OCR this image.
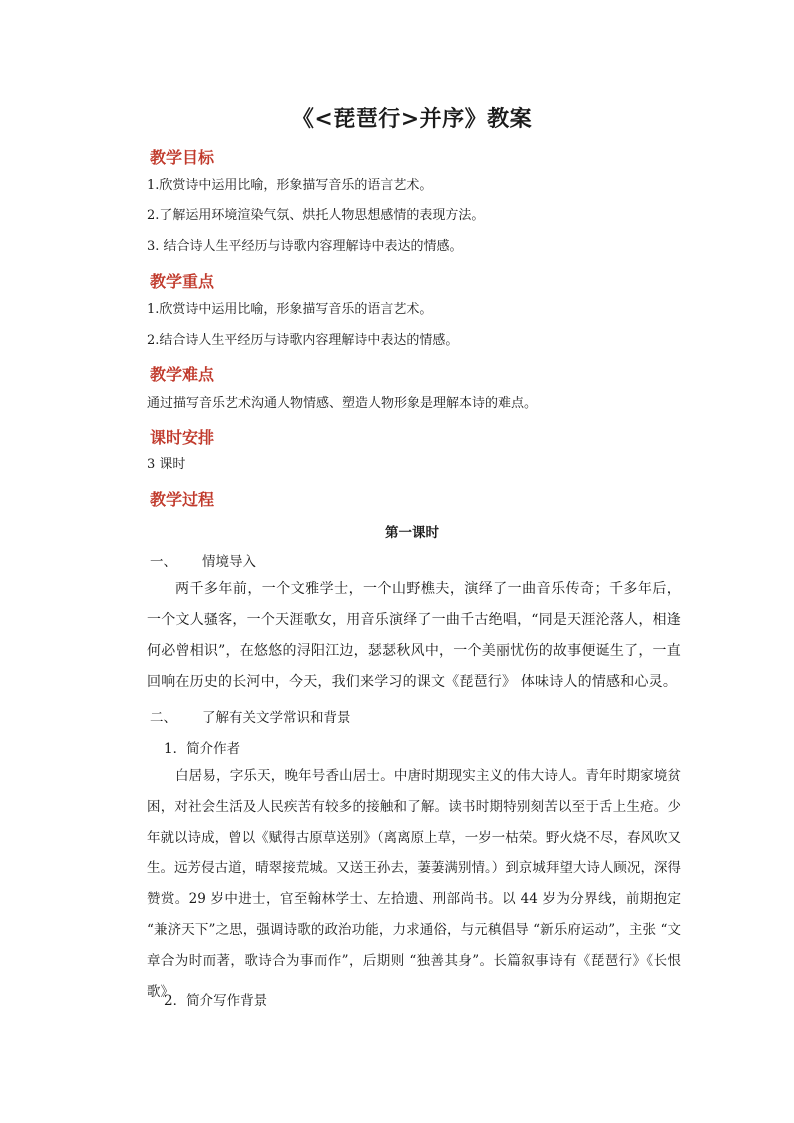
《<琵琶行>并序》教案
教学目标
1.欣赏诗中运用比喻，形象描写音乐的语言艺术。
2.了解运用环境渲染气氛、烘托人物思想感情的表现方法。
3. 结合诗人生平经历与诗歌内容理解诗中表达的情感。
教学重点
1.欣赏诗中运用比喻，形象描写音乐的语言艺术。
2.结合诗人生平经历与诗歌内容理解诗中表达的情感。
教学难点
通过描写音乐艺术沟通人物情感、塑造人物形象是理解本诗的难点。
课时安排
3 课时
教学过程
第一课时
一、 情境导入
两千多年前，一个文雅学士，一个山野樵夫，演绎了一曲音乐传奇；千多年后，一个文人骚客，一个天涯歌女，用音乐演绎了一曲千古绝唱，“同是天涯沦落人，相逢何必曾相识”，在悠悠的浔阳江边，瑟瑟秋风中，一个美丽忧伤的故事便诞生了，一直回响在历史的长河中，今天，我们来学习的课文《琵琶行》 体味诗人的情感和心灵。
二、 了解有关文学常识和背景
1．简介作者
白居易，字乐天，晚年号香山居士。中唐时期现实主义的伟大诗人。青年时期家境贫困，对社会生活及人民疾苦有较多的接触和了解。读书时期特别刻苦以至于舌上生疮。少年就以诗成，曾以《赋得古原草送别》（离离原上草，一岁一枯荣。野火烧不尽，春风吹又生。远芳侵古道，晴翠接荒城。又送王孙去，萋萋满别情。）到京城拜望大诗人顾况，深得赞赏。29 岁中进士，官至翰林学士、左拾遗、刑部尚书。以 44 岁为分界线，前期抱定 “兼济天下”之思，强调诗歌的政治功能，力求通俗，与元稹倡导 “新乐府运动”，主张 “文章合为时而著，歌诗合为事而作”，后期则 “独善其身”。长篇叙事诗有《琵琶行》《长恨歌》
2．简介写作背景
